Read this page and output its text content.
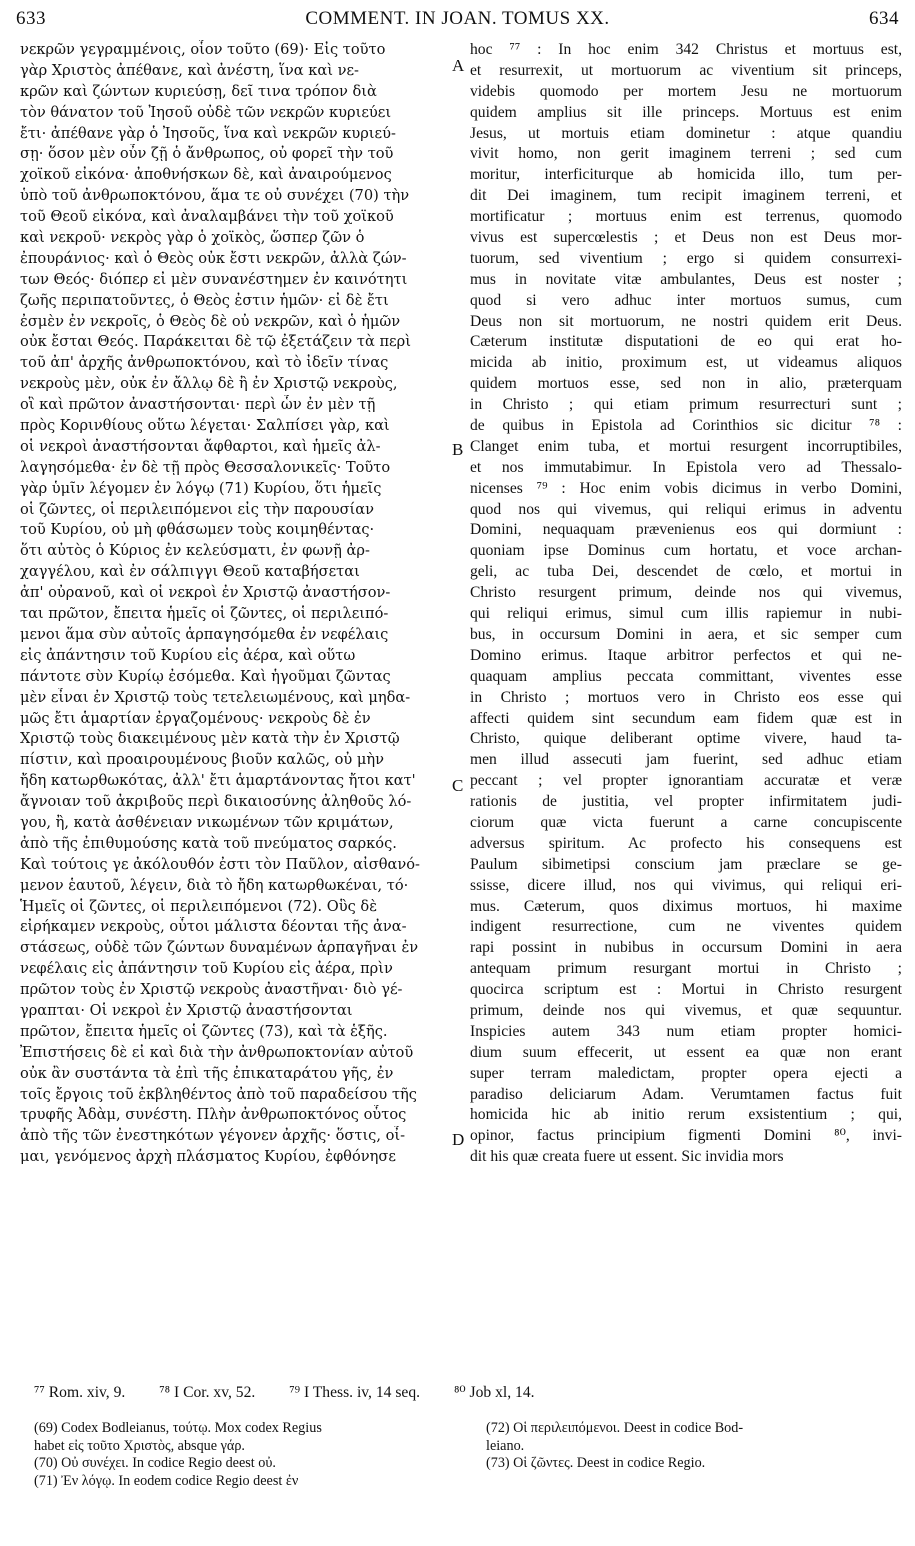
633	COMMENT. IN JOAN. TOMUS XX.	634
νεκρῶν γεγραμμένοις, οἷον τοῦτο (69)· Εἰς τοῦτο
γὰρ Χριστὸς ἀπέθανε, καὶ ἀνέστη, ἵνα καὶ νε-
κρῶν καὶ ζώντων κυριεύσῃ, δεῖ τινα τρόπον διὰ
τὸν θάνατον τοῦ Ἰησοῦ οὐδὲ τῶν νεκρῶν κυριεύει
ἔτι· ἀπέθανε γὰρ ὁ Ἰησοῦς, ἵνα καὶ νεκρῶν κυριεύ-
σῃ· ὅσον μὲν οὖν ζῇ ὁ ἄνθρωπος, οὐ φορεῖ τὴν τοῦ
χοϊκοῦ εἰκόνα· ἀποθνήσκων δὲ, καὶ ἀναιρούμενος
ὑπὸ τοῦ ἀνθρωποκτόνου, ἅμα τε οὐ συνέχει (70) τὴν
τοῦ Θεοῦ εἰκόνα, καὶ ἀναλαμβάνει τὴν τοῦ χοϊκοῦ
καὶ νεκροῦ· νεκρὸς γὰρ ὁ χοϊκὸς, ὥσπερ ζῶν ὁ
ἐπουράνιος· καὶ ὁ Θεὸς οὐκ ἔστι νεκρῶν, ἀλλὰ ζών-
των Θεός· διόπερ εἰ μὲν συνανέστημεν ἐν καινότητι
ζωῆς περιπατοῦντες, ὁ Θεὸς ἐστιν ἡμῶν· εἰ δὲ ἔτι
ἐσμὲν ἐν νεκροῖς, ὁ Θεὸς δὲ οὐ νεκρῶν, καὶ ὁ ἡμῶν
οὐκ ἔσται Θεός. Παράκειται δὲ τῷ ἐξετάζειν τὰ περὶ
τοῦ ἀπ' ἀρχῆς ἀνθρωποκτόνου, καὶ τὸ ἰδεῖν τίνας
νεκροὺς μὲν, οὐκ ἐν ἄλλῳ δὲ ἢ ἐν Χριστῷ νεκροὺς,
οἳ καὶ πρῶτον ἀναστήσονται· περὶ ὧν ἐν μὲν τῇ
πρὸς Κορινθίους οὕτω λέγεται· Σαλπίσει γὰρ, καὶ
οἱ νεκροὶ ἀναστήσονται ἄφθαρτοι, καὶ ἡμεῖς ἀλ-
λαγησόμεθα· ἐν δὲ τῇ πρὸς Θεσσαλονικεῖς· Τοῦτο
γὰρ ὑμῖν λέγομεν ἐν λόγῳ (71) Κυρίου, ὅτι ἡμεῖς
οἱ ζῶντες, οἱ περιλειπόμενοι εἰς τὴν παρουσίαν
τοῦ Κυρίου, οὐ μὴ φθάσωμεν τοὺς κοιμηθέντας·
ὅτι αὐτὸς ὁ Κύριος ἐν κελεύσματι, ἐν φωνῇ ἀρ-
χαγγέλου, καὶ ἐν σάλπιγγι Θεοῦ καταβήσεται
ἀπ' οὐρανοῦ, καὶ οἱ νεκροὶ ἐν Χριστῷ ἀναστήσον-
ται πρῶτον, ἔπειτα ἡμεῖς οἱ ζῶντες, οἱ περιλειπό-
μενοι ἅμα σὺν αὐτοῖς ἁρπαγησόμεθα ἐν νεφέλαις
εἰς ἀπάντησιν τοῦ Κυρίου εἰς ἀέρα, καὶ οὕτω
πάντοτε σὺν Κυρίῳ ἐσόμεθα. Καὶ ἡγοῦμαι ζῶντας
μὲν εἶναι ἐν Χριστῷ τοὺς τετελειωμένους, καὶ μηδα-
μῶς ἔτι ἁμαρτίαν ἐργαζομένους· νεκροὺς δὲ ἐν
Χριστῷ τοὺς διακειμένους μὲν κατὰ τὴν ἐν Χριστῷ
πίστιν, καὶ προαιρουμένους βιοῦν καλῶς, οὐ μὴν
ἤδη κατωρθωκότας, ἀλλ' ἔτι ἁμαρτάνοντας ἤτοι κατ'
ἄγνοιαν τοῦ ἀκριβοῦς περὶ δικαιοσύνης ἀληθοῦς λό-
γου, ἢ, κατὰ ἀσθένειαν νικωμένων τῶν κριμάτων,
ἀπὸ τῆς ἐπιθυμούσης κατὰ τοῦ πνεύματος σαρκός.
Καὶ τούτοις γε ἀκόλουθόν ἐστι τὸν Παῦλον, αἰσθανό-
μενον ἑαυτοῦ, λέγειν, διὰ τὸ ἤδη κατωρθωκέναι, τό·
Ἡμεῖς οἱ ζῶντες, οἱ περιλειπόμενοι (72). Οὓς δὲ
εἰρήκαμεν νεκροὺς, οὗτοι μάλιστα δέονται τῆς ἀνα-
στάσεως, οὐδὲ τῶν ζώντων δυναμένων ἁρπαγῆναι ἐν
νεφέλαις εἰς ἀπάντησιν τοῦ Κυρίου εἰς ἀέρα, πρὶν
πρῶτον τοὺς ἐν Χριστῷ νεκροὺς ἀναστῆναι· διὸ γέ-
γραπται· Οἱ νεκροὶ ἐν Χριστῷ ἀναστήσονται
πρῶτον, ἔπειτα ἡμεῖς οἱ ζῶντες (73), καὶ τὰ ἑξῆς.
Ἐπιστήσεις δὲ εἰ καὶ διὰ τὴν ἀνθρωποκτονίαν αὐτοῦ
οὐκ ἂν συστάντα τὰ ἐπὶ τῆς ἐπικαταράτου γῆς, ἐν
τοῖς ἔργοις τοῦ ἐκβληθέντος ἀπὸ τοῦ παραδείσου τῆς
τρυφῆς Ἀδὰμ, συνέστη. Πλὴν ἀνθρωποκτόνος οὗτος
ἀπὸ τῆς τῶν ἐνεστηκότων γέγονεν ἀρχῆς· ὅστις, οἶ-
μαι, γενόμενος ἀρχὴ πλάσματος Κυρίου, ἐφθόνησε
hoc ⁷⁷ : In hoc enim 342 Christus et mortuus est,
et resurrexit, ut mortuorum ac viventium sit princeps,
videbis quomodo per mortem Jesu ne mortuorum
quidem amplius sit ille princeps. Mortuus est enim
Jesus, ut mortuis etiam dominetur : atque quandiu
vivit homo, non gerit imaginem terreni ; sed cum
moritur, interficiturque ab homicida illo, tum per-
dit Dei imaginem, tum recipit imaginem terreni, et
mortificatur ; mortuus enim est terrenus, quomodo
vivus est supercœlestis ; et Deus non est Deus mor-
tuorum, sed viventium ; ergo si quidem consurrexi-
mus in novitate vitæ ambulantes, Deus est noster ;
quod si vero adhuc inter mortuos sumus, cum
Deus non sit mortuorum, ne nostri quidem erit Deus.
Cæterum institutæ disputationi de eo qui erat ho-
micida ab initio, proximum est, ut videamus aliquos
quidem mortuos esse, sed non in alio, præterquam
in Christo ; qui etiam primum resurrecturi sunt ;
de quibus in Epistola ad Corinthios sic dicitur ⁷⁸ :
Clanget enim tuba, et mortui resurgent incorruptibiles,
et nos immutabimur. In Epistola vero ad Thessalo-
nicenses ⁷⁹ : Hoc enim vobis dicimus in verbo Domini,
quod nos qui vivemus, qui reliqui erimus in adventu
Domini, nequaquam prævenienus eos qui dormiunt :
quoniam ipse Dominus cum hortatu, et voce archan-
geli, ac tuba Dei, descendet de cœlo, et mortui in
Christo resurgent primum, deinde nos qui vivemus,
qui reliqui erimus, simul cum illis rapiemur in nubi-
bus, in occursum Domini in aera, et sic semper cum
Domino erimus. Itaque arbitror perfectos et qui ne-
quaquam amplius peccata committant, viventes esse
in Christo ; mortuos vero in Christo eos esse qui
affecti quidem sint secundum eam fidem quæ est in
Christo, quique deliberant optime vivere, haud ta-
men illud assecuti jam fuerint, sed adhuc etiam
peccant ; vel propter ignorantiam accuratæ et veræ
rationis de justitia, vel propter infirmitatem judi-
ciorum quæ victa fuerunt a carne concupiscente
adversus spiritum. Ac profecto his consequens est
Paulum sibimetipsi conscium jam præclare se ge-
ssisse, dicere illud, nos qui vivimus, qui reliqui eri-
mus. Cæterum, quos diximus mortuos, hi maxime
indigent resurrectione, cum ne viventes quidem
rapi possint in nubibus in occursum Domini in aera
antequam primum resurgant mortui in Christo ;
quocirca scriptum est : Mortui in Christo resurgent
primum, deinde nos qui vivemus, et quæ sequuntur.
Inspicies autem 343 num etiam propter homici-
dium suum effecerit, ut essent ea quæ non erant
super terram maledictam, propter opera ejecti a
paradiso deliciarum Adam. Verumtamen factus fuit
homicida hic ab initio rerum exsistentium ; qui,
opinor, factus principium figmenti Domini ⁸⁰, invi-
dit his quæ creata fuere ut essent. Sic invidia mors
A
B
C
D
⁷⁷ Rom. xiv, 9. ⁷⁸ I Cor. xv, 52. ⁷⁹ I Thess. iv, 14 seq. ⁸⁰ Job xl, 14.
(69) Codex Bodleianus, τούτῳ. Mox codex Regius
habet εἰς τοῦτο Χριστὸς, absque γάρ.
(70) Οὐ συνέχει. In codice Regio deest οὐ.
(71) Ἐν λόγῳ. In eodem codice Regio deest ἐν
(72) Οἱ περιλειπόμενοι. Deest in codice Bod-
leiano.
(73) Οἱ ζῶντες. Deest in codice Regio.
